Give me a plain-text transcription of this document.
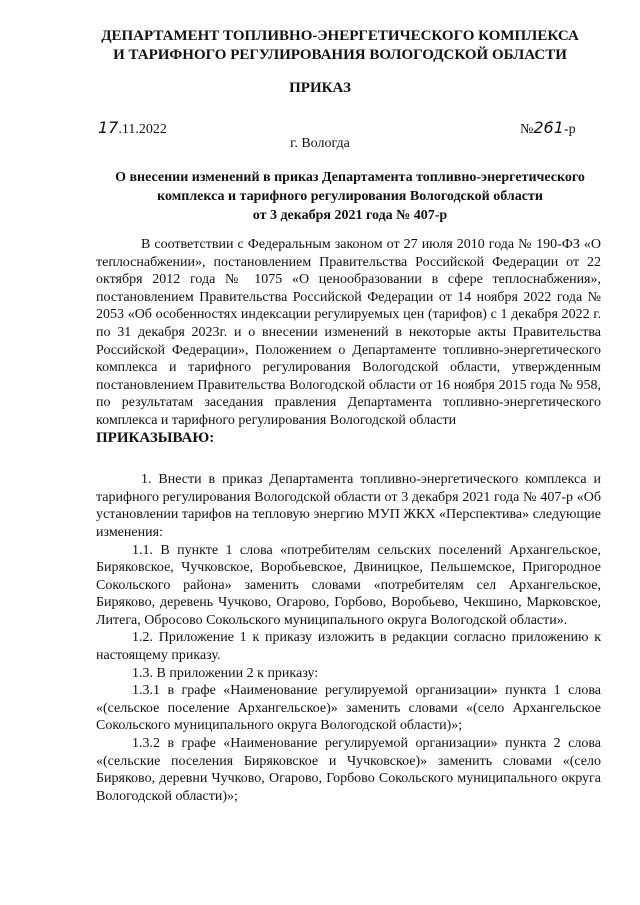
ДЕПАРТАМЕНТ ТОПЛИВНО-ЭНЕРГЕТИЧЕСКОГО КОМПЛЕКСА
И ТАРИФНОГО РЕГУЛИРОВАНИЯ ВОЛОГОДСКОЙ ОБЛАСТИ
ПРИКАЗ
17.11.2022	№261-р
г. Вологда
О внесении изменений в приказ Департамента топливно-энергетического
комплекса и тарифного регулирования Вологодской области
от 3 декабря 2021 года № 407-р

В соответствии с Федеральным законом от 27 июля 2010 года № 190-ФЗ «О теплоснабжении», постановлением Правительства Российской Федерации от 22 октября 2012 года № 1075 «О ценообразовании в сфере теплоснабжения», постановлением Правительства Российской Федерации от 14 ноября 2022 года № 2053 «Об особенностях индексации регулируемых цен (тарифов) с 1 декабря 2022 г. по 31 декабря 2023г. и о внесении изменений в некоторые акты Правительства Российской Федерации», Положением о Департаменте топливно-энергетического комплекса и тарифного регулирования Вологодской области, утвержденным постановлением Правительства Вологодской области от 16 ноября 2015 года № 958, по результатам заседания правления Департамента топливно-энергетического комплекса и тарифного регулирования Вологодской области

ПРИКАЗЫВАЮ:

1. Внести в приказ Департамента топливно-энергетического комплекса и тарифного регулирования Вологодской области от 3 декабря 2021 года № 407-р «Об установлении тарифов на тепловую энергию МУП ЖКХ «Перспектива» следующие изменения:

1.1. В пункте 1 слова «потребителям сельских поселений Архангельское, Биряковское, Чучковское, Воробьевское, Двиницкое, Пельшемское, Пригородное Сокольского района» заменить словами «потребителям сел Архангельское, Биряково, деревень Чучково, Огарово, Горбово, Воробьево, Чекшино, Марковское, Литега, Обросово Сокольского муниципального округа Вологодской области».

1.2. Приложение 1 к приказу изложить в редакции согласно приложению к настоящему приказу.

1.3. В приложении 2 к приказу:

1.3.1 в графе «Наименование регулируемой организации» пункта 1 слова «(сельское поселение Архангельское)» заменить словами «(село Архангельское Сокольского муниципального округа Вологодской области)»;

1.3.2 в графе «Наименование регулируемой организации» пункта 2 слова «(сельские поселения Биряковское и Чучковское)» заменить словами «(село Биряково, деревни Чучково, Огарово, Горбово Сокольского муниципального округа Вологодской области)»;
